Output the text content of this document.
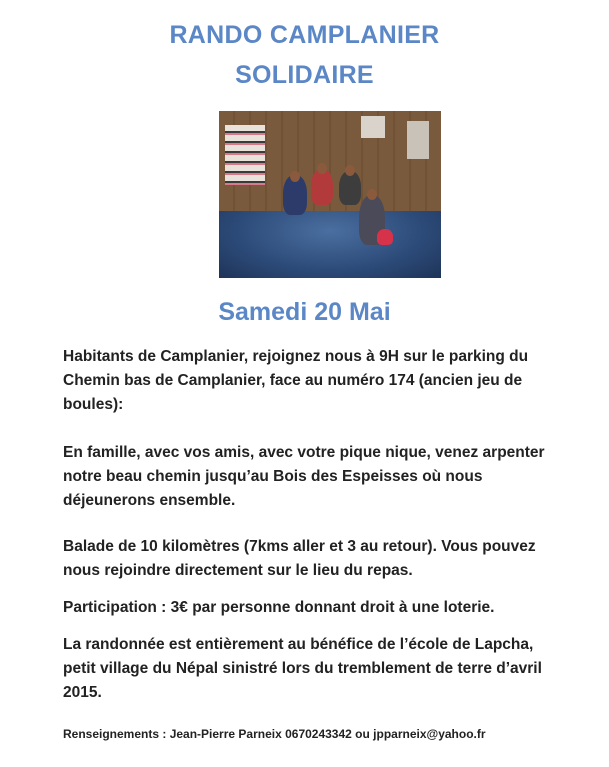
RANDO CAMPLANIER
SOLIDAIRE
Samedi 20 Mai

Habitants de Camplanier, rejoignez nous à 9H sur le parking du Chemin bas de Camplanier, face au numéro 174 (ancien jeu de boules):

En famille, avec vos amis, avec votre pique nique, venez arpenter notre beau chemin jusqu’au Bois des Espeisses où nous déjeunerons ensemble.

Balade de 10 kilomètres (7kms aller et 3 au retour). Vous pouvez nous rejoindre directement sur le lieu du repas.

Participation : 3€ par personne donnant droit à une loterie.

La randonnée est entièrement au bénéfice de l’école de Lapcha, petit village du Népal sinistré lors du tremblement de terre d’avril 2015.

Renseignements : Jean-Pierre Parneix 0670243342 ou jpparneix@yahoo.fr
